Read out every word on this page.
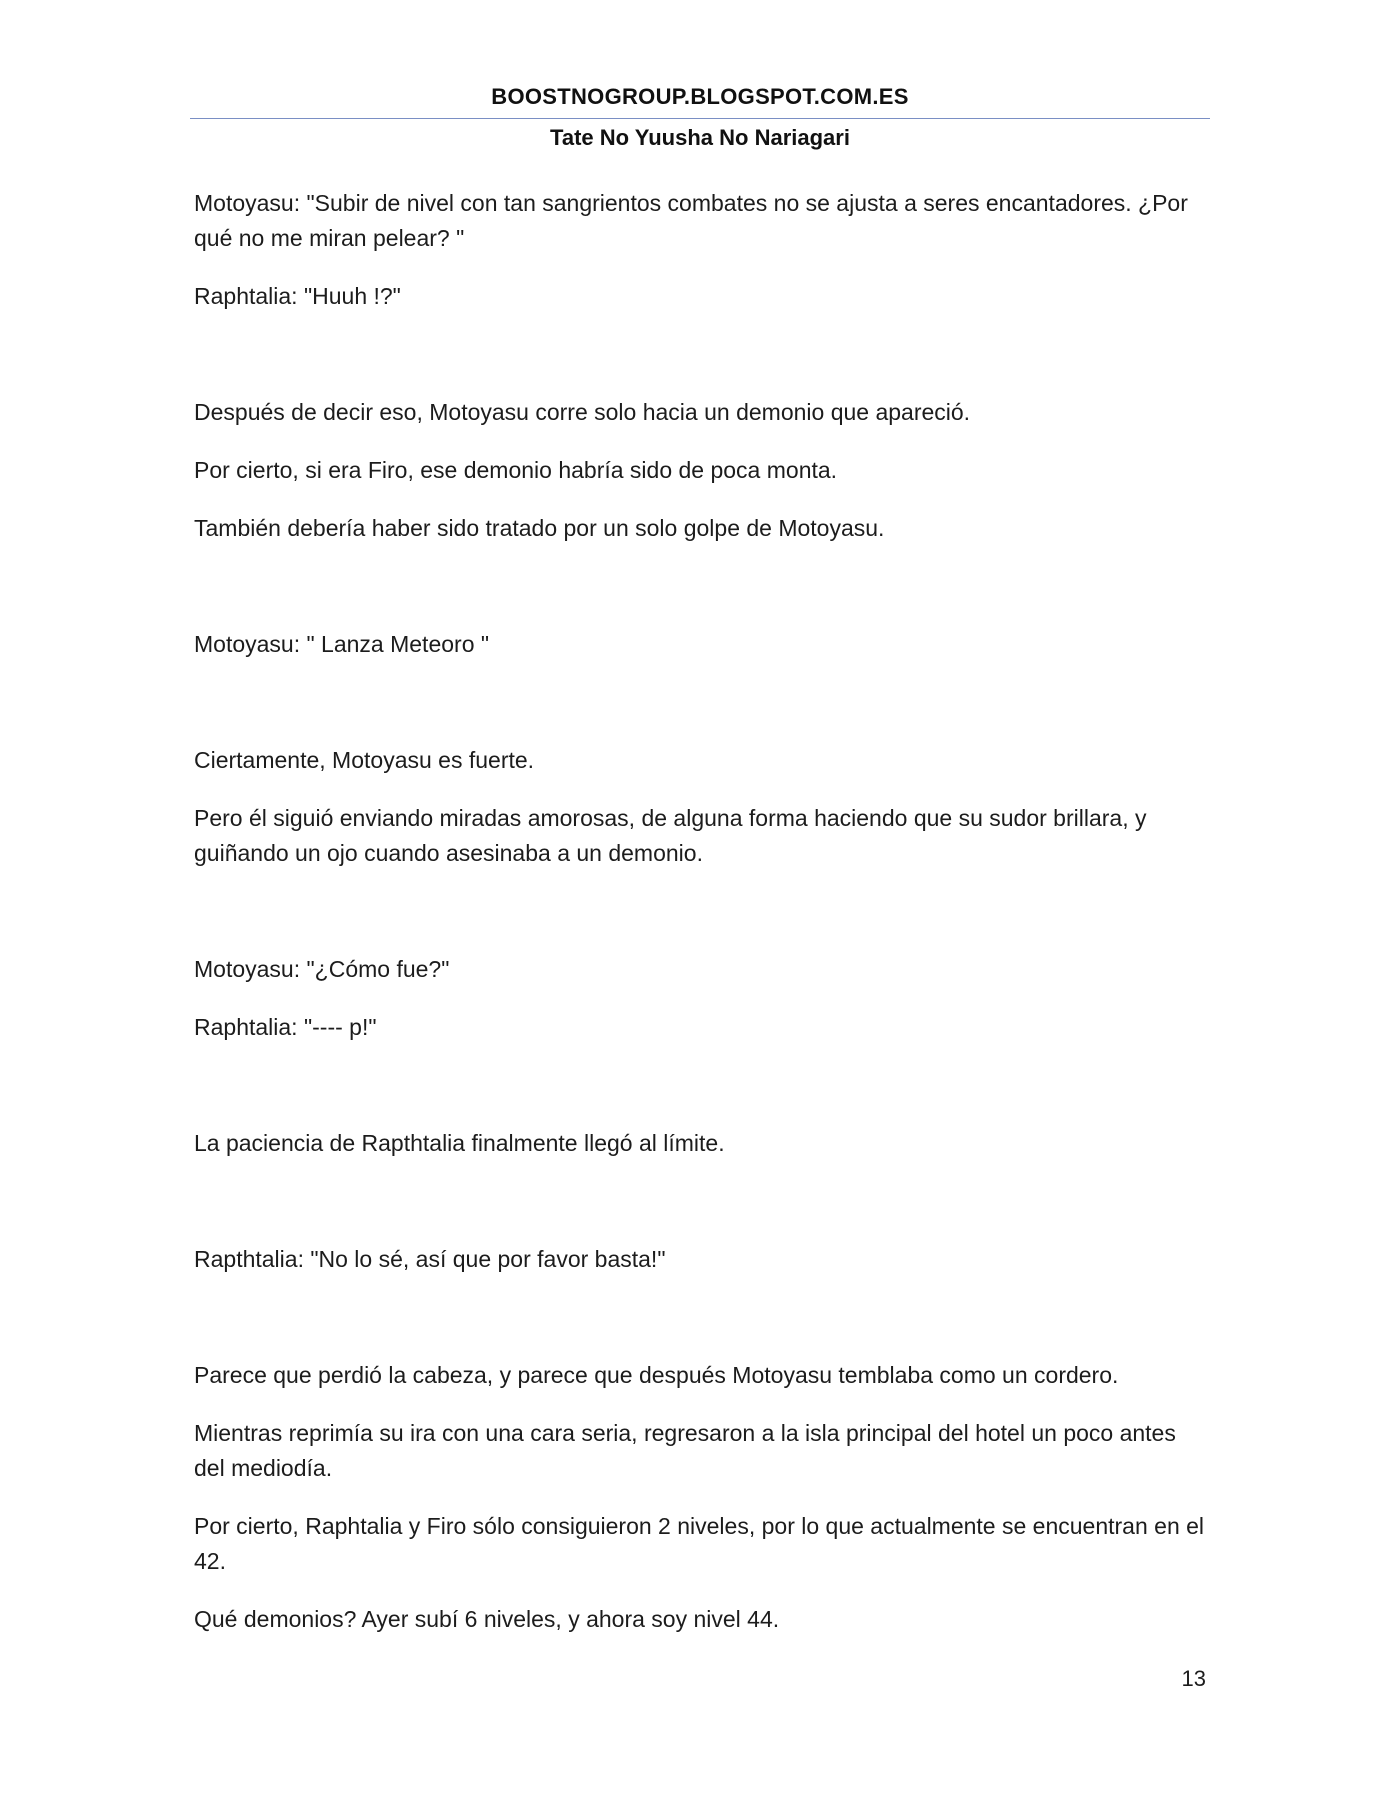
BOOSTNOGROUP.BLOGSPOT.COM.ES
Tate No Yuusha No Nariagari

Motoyasu: "Subir de nivel con tan sangrientos combates no se ajusta a seres encantadores. ¿Por qué no me miran pelear? "

Raphtalia: "Huuh !?"

Después de decir eso, Motoyasu corre solo hacia un demonio que apareció.

Por cierto, si era Firo, ese demonio habría sido de poca monta.

También debería haber sido tratado por un solo golpe de Motoyasu.

Motoyasu: " Lanza Meteoro "

Ciertamente, Motoyasu es fuerte.

Pero él siguió enviando miradas amorosas, de alguna forma haciendo que su sudor brillara, y guiñando un ojo cuando asesinaba a un demonio.

Motoyasu: "¿Cómo fue?"

Raphtalia: "---- p!"

La paciencia de Rapthtalia finalmente llegó al límite.

Rapthtalia: "No lo sé, así que por favor basta!"

Parece que perdió la cabeza, y parece que después Motoyasu temblaba como un cordero.

Mientras reprimía su ira con una cara seria, regresaron a la isla principal del hotel un poco antes del mediodía.

Por cierto, Raphtalia y Firo sólo consiguieron 2 niveles, por lo que actualmente se encuentran en el 42.

Qué demonios? Ayer subí 6 niveles, y ahora soy nivel 44.

13
